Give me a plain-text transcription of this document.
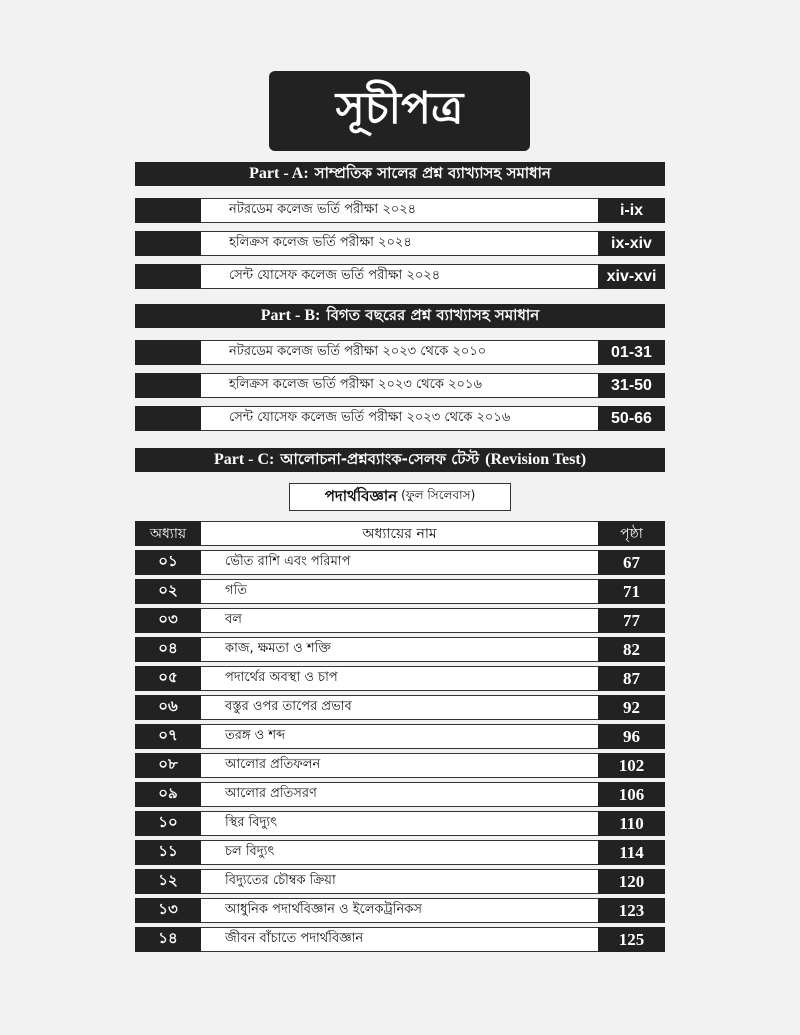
সূচীপত্র
Part - A: সাম্প্রতিক সালের প্রশ্ন ব্যাখ্যাসহ সমাধান
নটরডেম কলেজ ভর্তি পরীক্ষা ২০২৪	i-ix
হলিক্রস কলেজ ভর্তি পরীক্ষা ২০২৪	ix-xiv
সেন্ট যোসেফ কলেজ ভর্তি পরীক্ষা ২০২৪	xiv-xvi
Part - B: বিগত বছরের প্রশ্ন ব্যাখ্যাসহ সমাধান
নটরডেম কলেজ ভর্তি পরীক্ষা ২০২৩ থেকে ২০১০	01-31
হলিক্রস কলেজ ভর্তি পরীক্ষা ২০২৩ থেকে ২০১৬	31-50
সেন্ট যোসেফ কলেজ ভর্তি পরীক্ষা ২০২৩ থেকে ২০১৬	50-66
Part - C: আলোচনা-প্রশ্নব্যাংক-সেলফ টেস্ট (Revision Test)
পদার্থবিজ্ঞান (ফুল সিলেবাস)
অধ্যায়	অধ্যায়ের নাম	পৃষ্ঠা
০১	ভৌত রাশি এবং পরিমাপ	67
০২	গতি	71
০৩	বল	77
০৪	কাজ, ক্ষমতা ও শক্তি	82
০৫	পদার্থের অবস্থা ও চাপ	87
০৬	বস্তুর ওপর তাপের প্রভাব	92
০৭	তরঙ্গ ও শব্দ	96
০৮	আলোর প্রতিফলন	102
০৯	আলোর প্রতিসরণ	106
১০	স্থির বিদ্যুৎ	110
১১	চল বিদ্যুৎ	114
১২	বিদ্যুতের চৌম্বক ক্রিয়া	120
১৩	আধুনিক পদার্থবিজ্ঞান ও ইলেকট্রনিকস	123
১৪	জীবন বাঁচাতে পদার্থবিজ্ঞান	125
